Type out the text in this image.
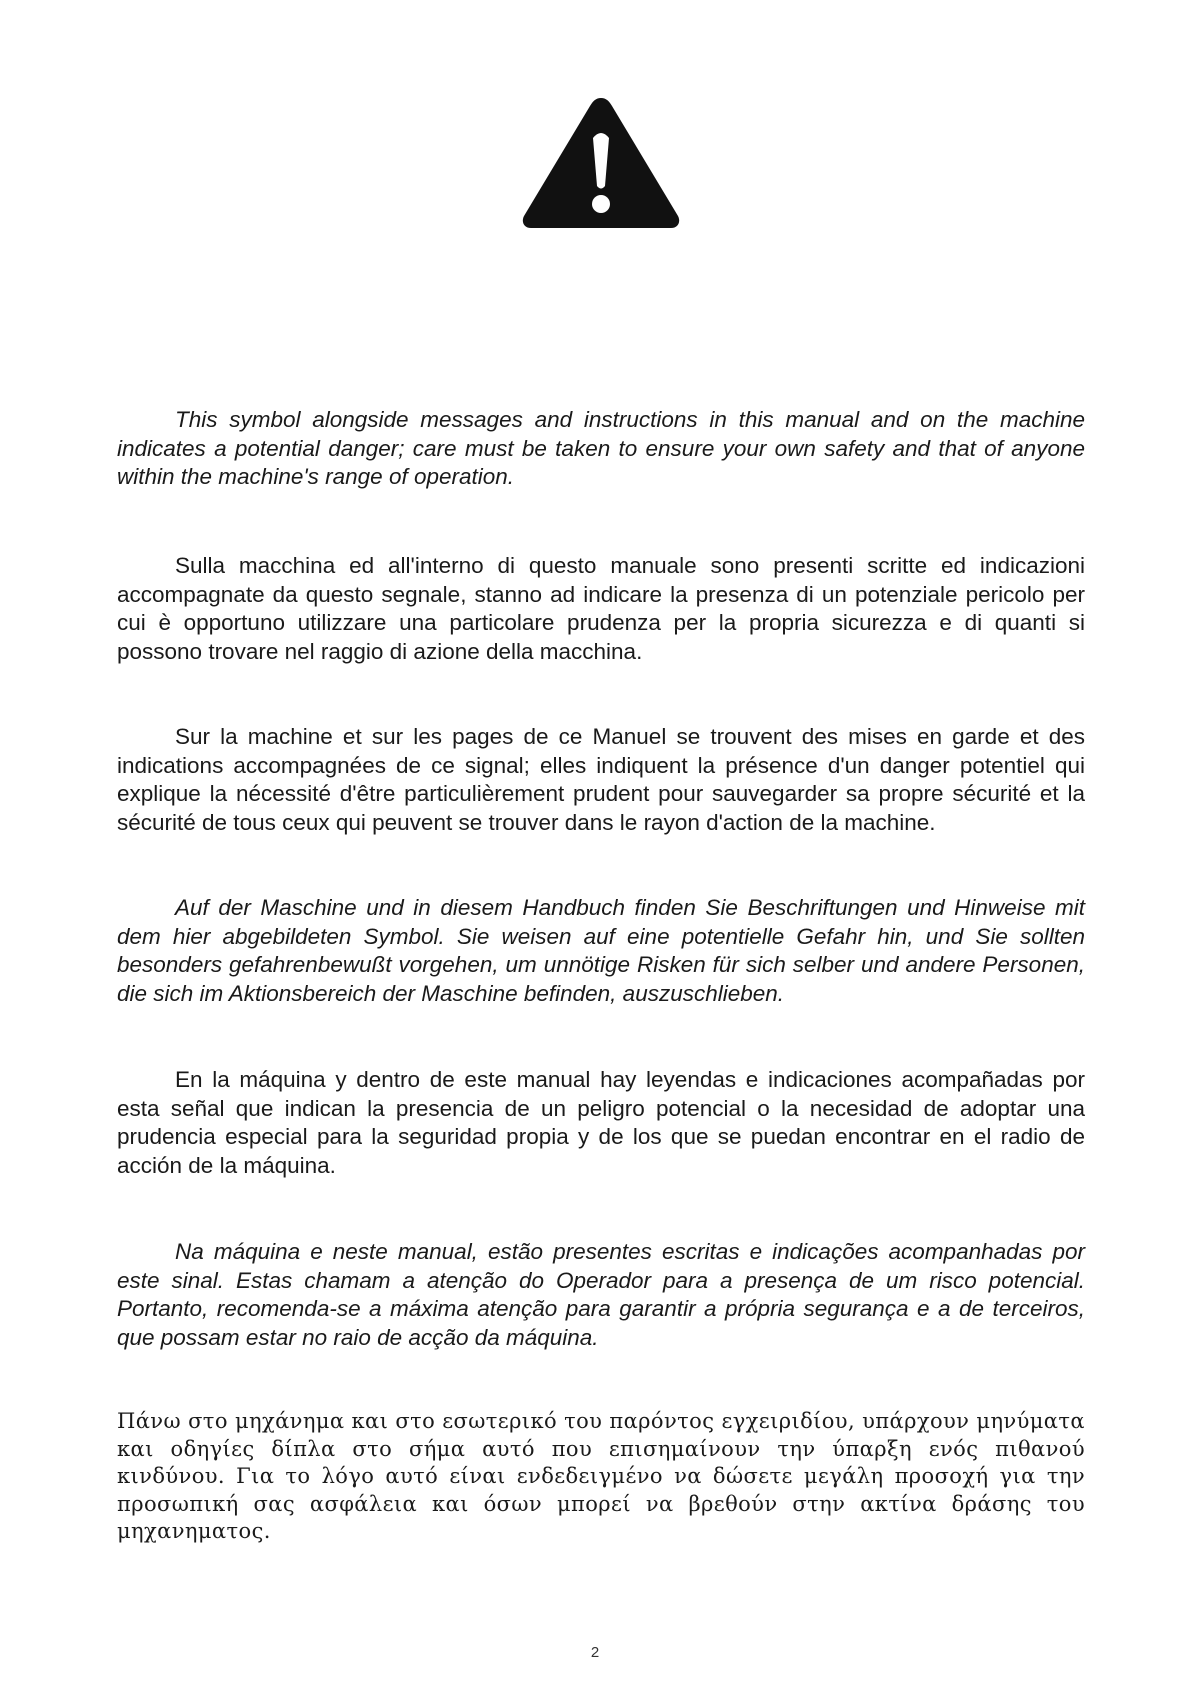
This symbol alongside messages and instructions in this manual and on the machine indicates a potential danger; care must be taken to ensure your own safety and that of anyone within the machine's range of operation.

Sulla macchina ed all'interno di questo manuale sono presenti scritte ed indicazioni accompagnate da questo segnale, stanno ad indicare la presenza di un potenziale pericolo per cui è opportuno utilizzare una particolare prudenza per la propria sicurezza e di quanti si possono trovare nel raggio di azione della macchina.

Sur la machine et sur les pages de ce Manuel se trouvent des mises en garde et des indications accompagnées de ce signal; elles indiquent la présence d'un danger potentiel qui explique la nécessité d'être particulièrement prudent pour sauvegarder sa propre sécurité et la sécurité de tous ceux qui peuvent se trouver dans le rayon d'action de la machine.

Auf der Maschine und in diesem Handbuch finden Sie Beschriftungen und Hinweise mit dem hier abgebildeten Symbol. Sie weisen auf eine potentielle Gefahr hin, und Sie sollten besonders gefahrenbewußt vorgehen, um unnötige Risken für sich selber und andere Personen, die sich im Aktionsbereich der Maschine befinden, auszuschlieben.

En la máquina y dentro de este manual hay leyendas e indicaciones acompañadas por esta señal que indican la presencia de un peligro potencial o la necesidad de adoptar una prudencia especial para la seguridad propia y de los que se puedan encontrar en el radio de acción de la máquina.

Na máquina e neste manual, estão presentes escritas e indicações acompanhadas por este sinal. Estas chamam a atenção do Operador para a presença de um risco potencial. Portanto, recomenda-se a máxima atenção para garantir a própria segurança e a de terceiros, que possam estar no raio de acção da máquina.

Πάνω στο μηχάνημα και στο εσωτερικό του παρόντος εγχειριδίου, υπάρχουν μηνύματα και οδηγίες δίπλα στο σήμα αυτό που επισημαίνουν την ύπαρξη ενός πιθανού κινδύνου. Για το λόγο αυτό είναι ενδεδειγμένο να δώσετε μεγάλη προσοχή για την προσωπική σας ασφάλεια και όσων μπορεί να βρεθούν στην ακτίνα δράσης του μηχανηματος.

2
